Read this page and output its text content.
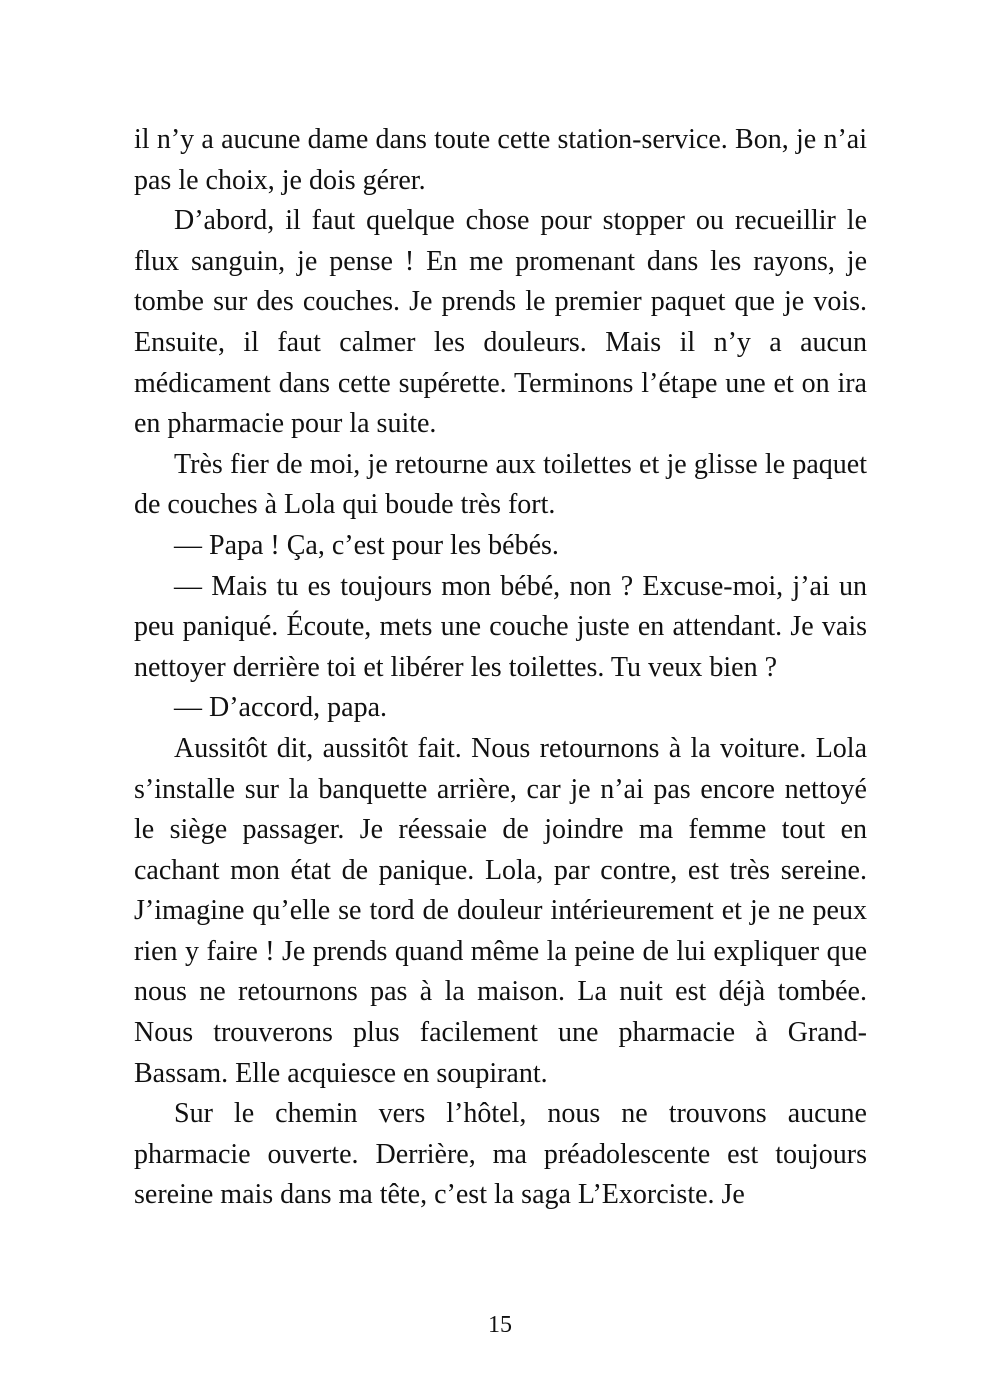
il n’y a aucune dame dans toute cette station-service. Bon, je n’ai pas le choix, je dois gérer.

D’abord, il faut quelque chose pour stopper ou recueillir le flux sanguin, je pense ! En me promenant dans les rayons, je tombe sur des couches. Je prends le premier paquet que je vois. Ensuite, il faut calmer les douleurs. Mais il n’y a aucun médicament dans cette supérette. Terminons l’étape une et on ira en pharmacie pour la suite.

Très fier de moi, je retourne aux toilettes et je glisse le paquet de couches à Lola qui boude très fort.

— Papa ! Ça, c’est pour les bébés.

— Mais tu es toujours mon bébé, non ? Excuse-moi, j’ai un peu paniqué. Écoute, mets une couche juste en attendant. Je vais nettoyer derrière toi et libérer les toilettes. Tu veux bien ?

— D’accord, papa.

Aussitôt dit, aussitôt fait. Nous retournons à la voiture. Lola s’installe sur la banquette arrière, car je n’ai pas encore nettoyé le siège passager. Je réessaie de joindre ma femme tout en cachant mon état de panique. Lola, par contre, est très sereine. J’imagine qu’elle se tord de douleur intérieurement et je ne peux rien y faire ! Je prends quand même la peine de lui expliquer que nous ne retournons pas à la maison. La nuit est déjà tombée. Nous trouverons plus facilement une pharmacie à Grand-Bassam. Elle acquiesce en soupirant.

Sur le chemin vers l’hôtel, nous ne trouvons aucune pharmacie ouverte. Derrière, ma préadolescente est toujours sereine mais dans ma tête, c’est la saga L’Exorciste. Je

15
